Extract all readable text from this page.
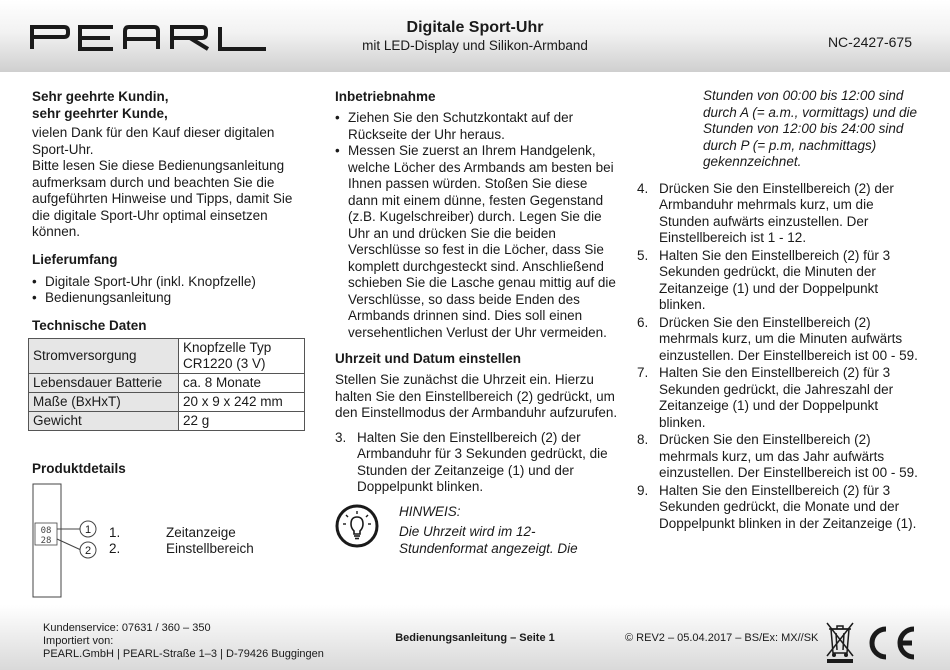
Digitale Sport-Uhr
mit LED-Display und Silikon-Armband	NC-2427-675
Sehr geehrte Kundin,
sehr geehrter Kunde,

vielen Dank für den Kauf dieser digitalen Sport-Uhr.

Bitte lesen Sie diese Bedienungsanleitung aufmerksam durch und beachten Sie die aufgeführten Hinweise und Tipps, damit Sie die digitale Sport-Uhr optimal einsetzen können.

Lieferumfang
• Digitale Sport-Uhr (inkl. Knopfzelle)
• Bedienungsanleitung
Technische Daten
Stromversorgung	Knopfzelle Typ CR1220 (3 V)
Lebensdauer Batterie	ca. 8 Monate
Maße (BxHxT)	20 x 9 x 242 mm
Gewicht	22 g
Produktdetails
08
28
1
2
1.	Zeitanzeige
2.	Einstellbereich
Inbetriebnahme
• Ziehen Sie den Schutzkontakt auf der Rückseite der Uhr heraus.
• Messen Sie zuerst an Ihrem Handgelenk, welche Löcher des Armbands am besten bei Ihnen passen würden. Stoßen Sie diese dann mit einem dünne, festen Gegenstand (z.B. Kugelschreiber) durch. Legen Sie die Uhr an und drücken Sie die beiden Verschlüsse so fest in die Löcher, dass Sie komplett durchgesteckt sind. Anschließend schieben Sie die Lasche genau mittig auf die Verschlüsse, so dass beide Enden des Armbands drinnen sind. Dies soll einen versehentlichen Verlust der Uhr vermeiden.
Uhrzeit und Datum einstellen

Stellen Sie zunächst die Uhrzeit ein. Hierzu halten Sie den Einstellbereich (2) gedrückt, um den Einstellmodus der Armbanduhr aufzurufen.

3. Halten Sie den Einstellbereich (2) der Armbanduhr für 3 Sekunden gedrückt, die Stunden der Zeitanzeige (1) und der Doppelpunkt blinken.

HINWEIS:

Die Uhrzeit wird im 12-Stundenformat angezeigt. Die

Stunden von 00:00 bis 12:00 sind durch A (= a.m., vormittags) und die Stunden von 12:00 bis 24:00 sind durch P (= p.m, nachmittags) gekennzeichnet.

4. Drücken Sie den Einstellbereich (2) der Armbanduhr mehrmals kurz, um die Stunden aufwärts einzustellen. Der Einstellbereich ist 1 - 12.
5. Halten Sie den Einstellbereich (2) für 3 Sekunden gedrückt, die Minuten der Zeitanzeige (1) und der Doppelpunkt blinken.
6. Drücken Sie den Einstellbereich (2) mehrmals kurz, um die Minuten aufwärts einzustellen. Der Einstellbereich ist 00 - 59.
7. Halten Sie den Einstellbereich (2) für 3 Sekunden gedrückt, die Jahreszahl der Zeitanzeige (1) und der Doppelpunkt blinken.
8. Drücken Sie den Einstellbereich (2) mehrmals kurz, um das Jahr aufwärts einzustellen. Der Einstellbereich ist 00 - 59.
9. Halten Sie den Einstellbereich (2) für 3 Sekunden gedrückt, die Monate und der Doppelpunkt blinken in der Zeitanzeige (1).
Kundenservice: 07631 / 360 – 350
Importiert von:
PEARL.GmbH | PEARL-Straße 1–3 | D-79426 Buggingen
Bedienungsanleitung – Seite 1	© REV2 – 05.04.2017 – BS/Ex: MX//SK
